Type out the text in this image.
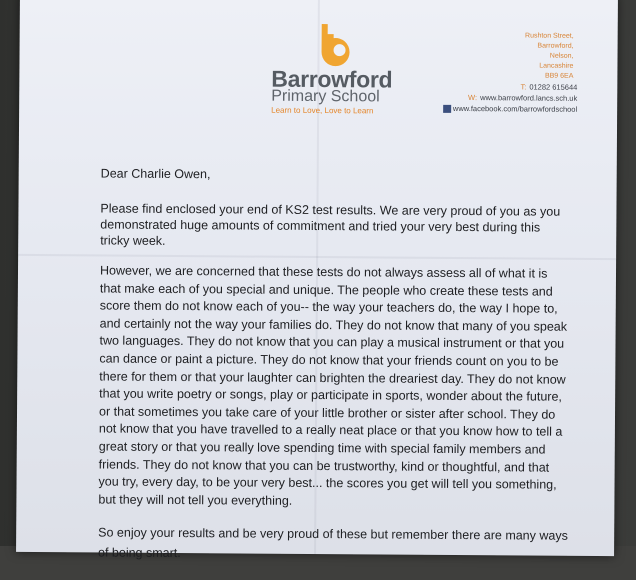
Barrowford
Primary School
Learn to Love, Love to Learn
Rushton Street,
Barrowford,
Nelson,
Lancashire
BB9 6EA
T: 01282 615644
W: www.barrowford.lancs.sch.uk
www.facebook.com/barrowfordschool

Dear Charlie Owen,

Please find enclosed your end of KS2 test results. We are very proud of you as you
demonstrated huge amounts of commitment and tried your very best during this
tricky week.
However, we are concerned that these tests do not always assess all of what it is
that make each of you special and unique. The people who create these tests and
score them do not know each of you-- the way your teachers do, the way I hope to,
and certainly not the way your families do. They do not know that many of you speak
two languages. They do not know that you can play a musical instrument or that you
can dance or paint a picture. They do not know that your friends count on you to be
there for them or that your laughter can brighten the dreariest day. They do not know
that you write poetry or songs, play or participate in sports, wonder about the future,
or that sometimes you take care of your little brother or sister after school. They do
not know that you have travelled to a really neat place or that you know how to tell a
great story or that you really love spending time with special family members and
friends. They do not know that you can be trustworthy, kind or thoughtful, and that
you try, every day, to be your very best... the scores you get will tell you something,
but they will not tell you everything.
So enjoy your results and be very proud of these but remember there are many ways
of being smart.
